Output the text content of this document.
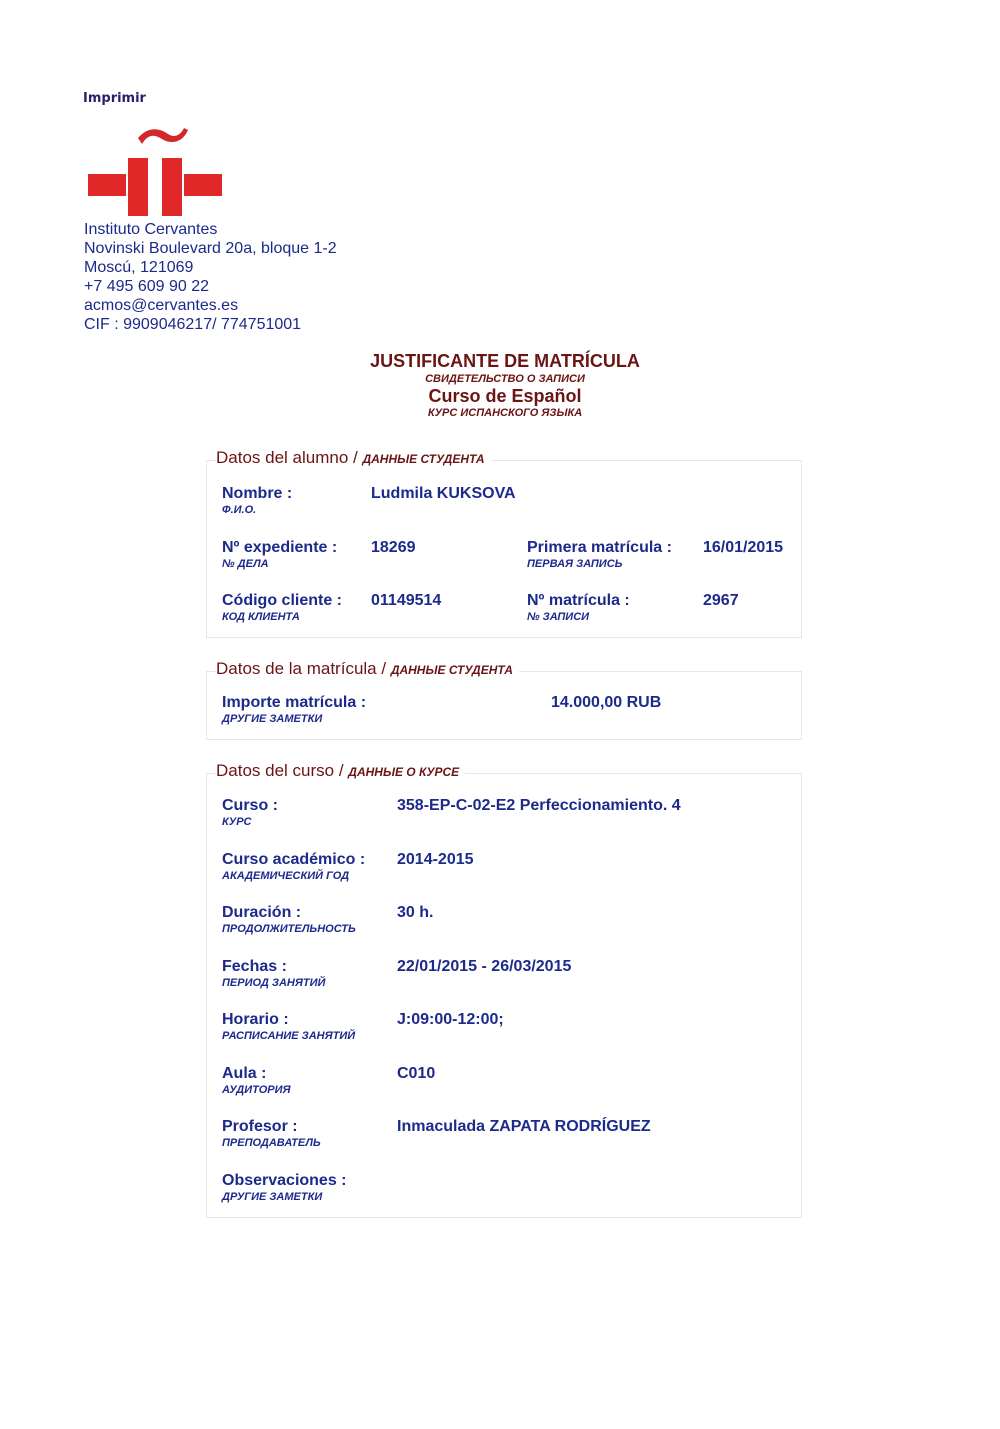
Imprimir
Instituto Cervantes
Novinski Boulevard 20a, bloque 1-2
Moscú, 121069
+7 495 609 90 22
acmos@cervantes.es
CIF : 9909046217/ 774751001
JUSTIFICANTE DE MATRÍCULA
СВИДЕТЕЛЬСТВО О ЗАПИСИ
Curso de Español
КУРС ИСПАНСКОГО ЯЗЫКА
Datos del alumno / ДАННЫЕ СТУДЕНТА
Nombre :
Ф.И.О.
Ludmila KUKSOVA
Nº expediente :
№ ДЕЛА
18269	Primera matrícula :
ПЕРВАЯ ЗАПИСЬ
16/01/2015
Código cliente :
КОД КЛИЕНТА
01149514	Nº matrícula :
№ ЗАПИСИ
2967
Datos de la matrícula / ДАННЫЕ СТУДЕНТА
Importe matrícula :
ДРУГИЕ ЗАМЕТКИ
14.000,00 RUB
Datos del curso / ДАННЫЕ О КУРСЕ
Curso :
КУРС
358-EP-C-02-E2 Perfeccionamiento. 4
Curso académico :
АКАДЕМИЧЕСКИЙ ГОД
2014-2015
Duración :
ПРОДОЛЖИТЕЛЬНОСТЬ
30 h.
Fechas :
ПЕРИОД ЗАНЯТИЙ
22/01/2015 - 26/03/2015
Horario :
РАСПИСАНИЕ ЗАНЯТИЙ
J:09:00-12:00;
Aula :
АУДИТОРИЯ
C010
Profesor :
ПРЕПОДАВАТЕЛЬ
Inmaculada ZAPATA RODRÍGUEZ
Observaciones :
ДРУГИЕ ЗАМЕТКИ
